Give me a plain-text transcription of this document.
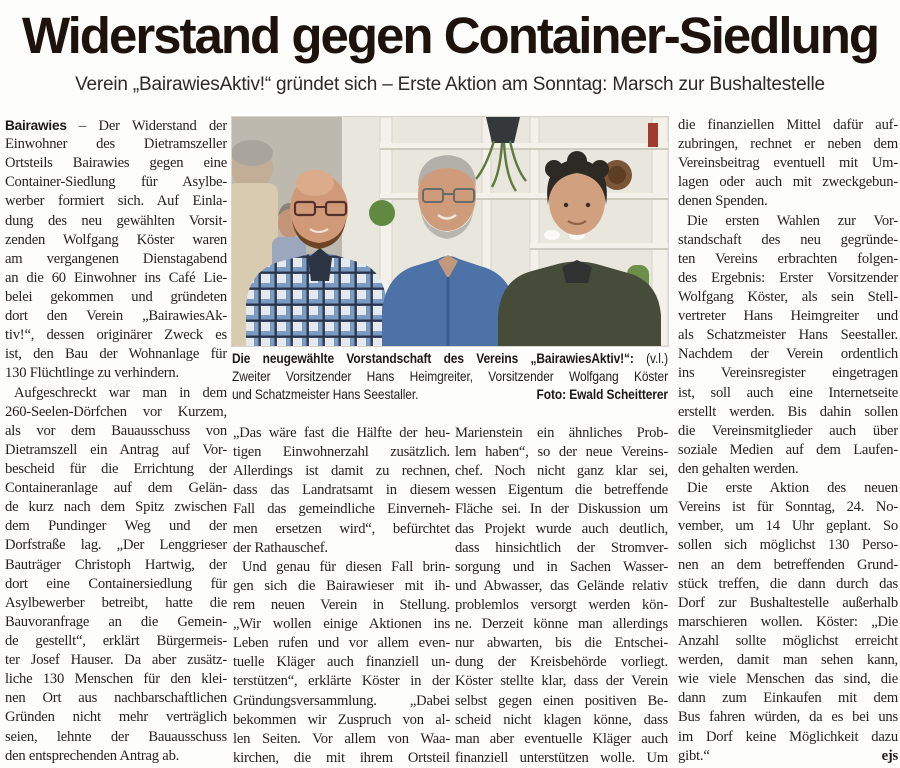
Widerstand gegen Container-Siedlung
Verein „BairawiesAktiv!“ gründet sich – Erste Aktion am Sonntag: Marsch zur Bushaltestelle
Die neugewählte Vorstandschaft des Vereins „BairawiesAktiv!“: (v.l.)
Zweiter Vorsitzender Hans Heimgreiter, Vorsitzender Wolfgang Köster
Foto: Ewald Scheitterer
und Schatzmeister Hans Seestaller.
Bairawies – Der Widerstand der
Einwohner des Dietramszeller
Ortsteils Bairawies gegen eine
Container-Siedlung für Asylbe-
werber formiert sich. Auf Einla-
dung des neu gewählten Vorsit-
zenden Wolfgang Köster waren
am vergangenen Dienstagabend
an die 60 Einwohner ins Café Lie-
belei gekommen und gründeten
dort den Verein „BairawiesAk-
tiv!“, dessen originärer Zweck es
ist, den Bau der Wohnanlage für
130 Flüchtlinge zu verhindern.
Aufgeschreckt war man in dem
260-Seelen-Dörfchen vor Kurzem,
als vor dem Bauausschuss von
Dietramszell ein Antrag auf Vor-
bescheid für die Errichtung der
Containeranlage auf dem Gelän-
de kurz nach dem Spitz zwischen
dem Pundinger Weg und der
Dorfstraße lag. „Der Lenggrieser
Bauträger Christoph Hartwig, der
dort eine Containersiedlung für
Asylbewerber betreibt, hatte die
Bauvoranfrage an die Gemein-
de gestellt“, erklärt Bürgermeis-
ter Josef Hauser. Da aber zusätz-
liche 130 Menschen für den klei-
nen Ort aus nachbarschaftlichen
Gründen nicht mehr verträglich
seien, lehnte der Bauausschuss
den entsprechenden Antrag ab.
„Das wäre fast die Hälfte der heu-
tigen Einwohnerzahl zusätzlich.
Allerdings ist damit zu rechnen,
dass das Landratsamt in diesem
Fall das gemeindliche Einverneh-
men ersetzen wird“, befürchtet
der Rathauschef.
Und genau für diesen Fall brin-
gen sich die Bairawieser mit ih-
rem neuen Verein in Stellung.
„Wir wollen einige Aktionen ins
Leben rufen und vor allem even-
tuelle Kläger auch finanziell un-
terstützen“, erklärte Köster in der
Gründungsversammlung. „Dabei
bekommen wir Zuspruch von al-
len Seiten. Vor allem von Waa-
kirchen, die mit ihrem Ortsteil
Marienstein ein ähnliches Prob-
lem haben“, so der neue Vereins-
chef. Noch nicht ganz klar sei,
wessen Eigentum die betreffende
Fläche sei. In der Diskussion um
das Projekt wurde auch deutlich,
dass hinsichtlich der Stromver-
sorgung und in Sachen Wasser-
und Abwasser, das Gelände relativ
problemlos versorgt werden kön-
ne. Derzeit könne man allerdings
nur abwarten, bis die Entschei-
dung der Kreisbehörde vorliegt.
Köster stellte klar, dass der Verein
selbst gegen einen positiven Be-
scheid nicht klagen könne, dass
man aber eventuelle Kläger auch
finanziell unterstützen wolle. Um
die finanziellen Mittel dafür auf-
zubringen, rechnet er neben dem
Vereinsbeitrag eventuell mit Um-
lagen oder auch mit zweckgebun-
denen Spenden.
Die ersten Wahlen zur Vor-
standschaft des neu gegründe-
ten Vereins erbrachten folgen-
des Ergebnis: Erster Vorsitzender
Wolfgang Köster, als sein Stell-
vertreter Hans Heimgreiter und
als Schatzmeister Hans Seestaller.
Nachdem der Verein ordentlich
ins Vereinsregister eingetragen
ist, soll auch eine Internetseite
erstellt werden. Bis dahin sollen
die Vereinsmitglieder auch über
soziale Medien auf dem Laufen-
den gehalten werden.
Die erste Aktion des neuen
Vereins ist für Sonntag, 24. No-
vember, um 14 Uhr geplant. So
sollen sich möglichst 130 Perso-
nen an dem betreffenden Grund-
stück treffen, die dann durch das
Dorf zur Bushaltestelle außerhalb
marschieren wollen. Köster: „Die
Anzahl sollte möglichst erreicht
werden, damit man sehen kann,
wie viele Menschen das sind, die
dann zum Einkaufen mit dem
Bus fahren würden, da es bei uns
im Dorf keine Möglichkeit dazu
ejs
gibt.“
